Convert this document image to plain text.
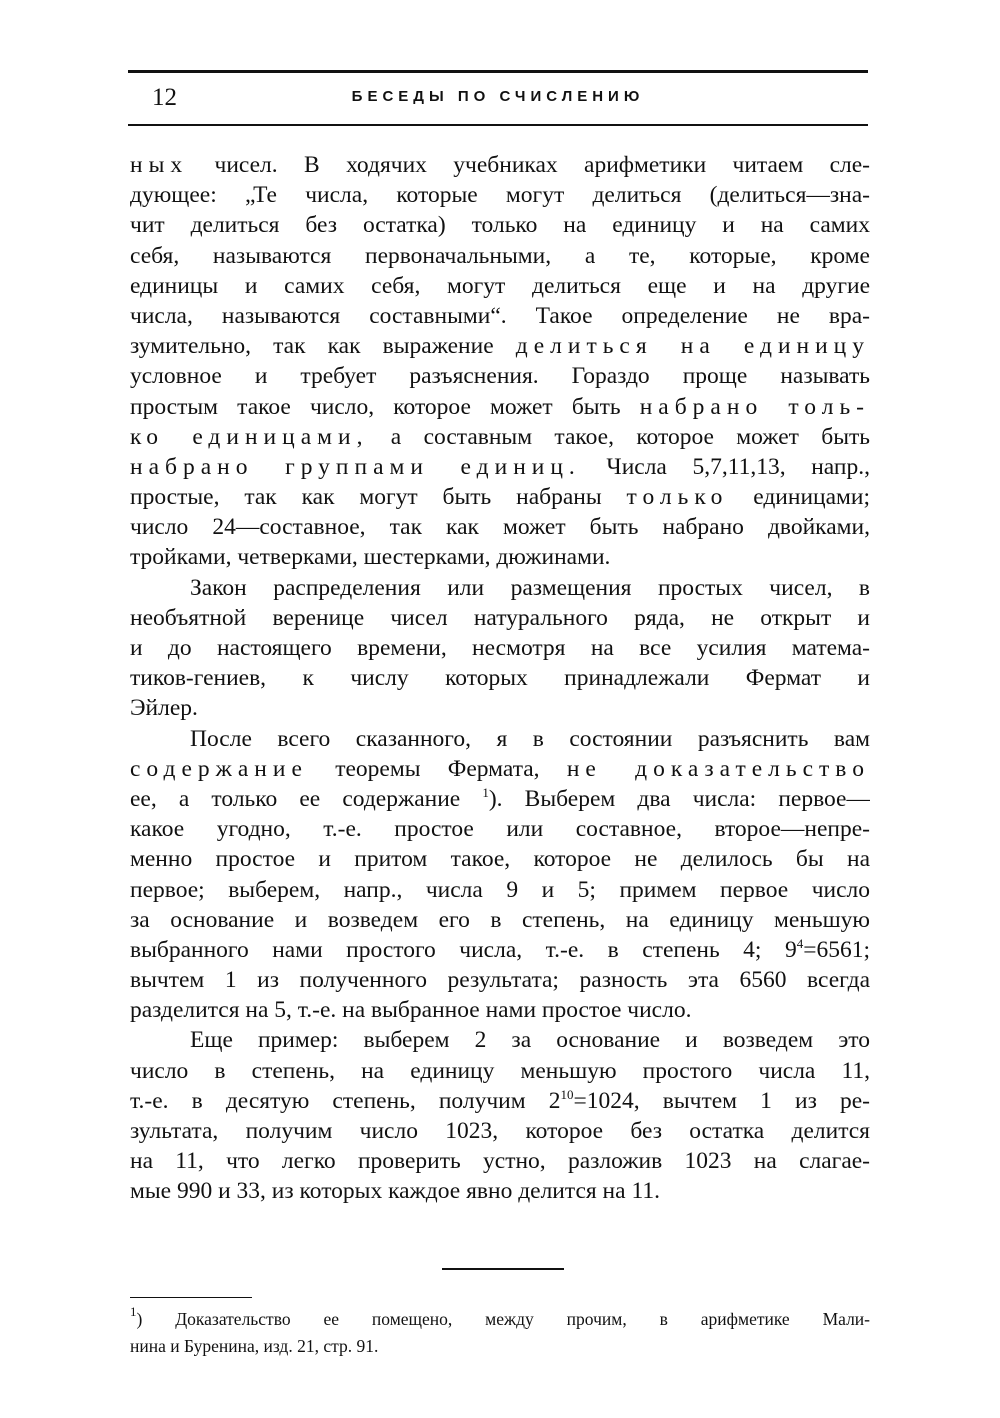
12	БЕСЕДЫ ПО СЧИСЛЕНИЮ
ных чисел. В ходячих учебниках арифметики читаем сле-
дующее: „Те числа, которые могут делиться (делиться—зна-
чит делиться без остатка) только на единицу и на самих
себя, называются первоначальными, а те, которые, кроме
единицы и самих себя, могут делиться еще и на другие
числа, называются составными“. Такое определение не вра-
зумительно, так как выражение делиться на единицу
условное и требует разъяснения. Гораздо проще называть
простым такое число, которое может быть набрано толь-
ко единицами, а составным такое, которое может быть
набрано группами единиц. Числа 5,7,11,13, напр.,
простые, так как могут быть набраны только единицами;
число 24—составное, так как может быть набрано двойками,
тройками, четверками, шестерками, дюжинами.
Закон распределения или размещения простых чисел, в
необъятной веренице чисел натурального ряда, не открыт и
и до настоящего времени, несмотря на все усилия матема-
тиков-гениев, к числу которых принадлежали Фермат и
Эйлер.
После всего сказанного, я в состоянии разъяснить вам
содержание теоремы Фермата, не доказательство
ее, а только ее содержание $^1$). Выберем два числа: первое—
какое угодно, т.-е. простое или составное, второе—непре-
менно простое и притом такое, которое не делилось бы на
первое; выберем, напр., числа 9 и 5; примем первое число
за основание и возведем его в степень, на единицу меньшую
выбранного нами простого числа, т.-е. в степень 4; $9^4=6561$;
вычтем 1 из полученного результата; разность эта 6560 всегда
разделится на 5, т.-е. на выбранное нами простое число.
Еще пример: выберем 2 за основание и возведем это
число в степень, на единицу меньшую простого числа 11,
т.-е. в десятую степень, получим $2^{10}=1024$, вычтем 1 из ре-
зультата, получим число 1023, которое без остатка делится
на 11, что легко проверить устно, разложив 1023 на слагае-
мые 990 и 33, из которых каждое явно делится на 11.
$^1$) Доказательство ее помещено, между прочим, в арифметике Мали-
нина и Буренина, изд. 21, стр. 91.
